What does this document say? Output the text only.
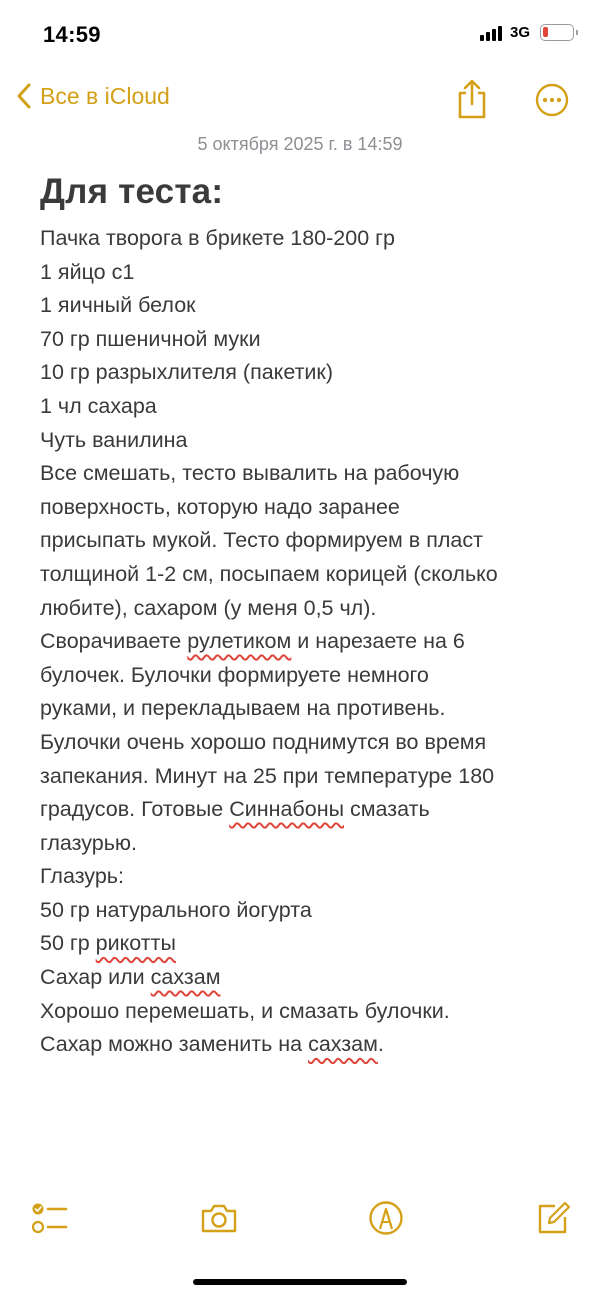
14:59	3G
Все в iCloud
5 октября 2025 г. в 14:59
Для теста:
Пачка творога в брикете 180-200 гр
1 яйцо с1
1 яичный белок
70 гр пшеничной муки
10 гр разрыхлителя (пакетик)
1 чл сахара
Чуть ванилина
Все смешать, тесто вывалить на рабочую
поверхность, которую надо заранее
присыпать мукой. Тесто формируем в пласт
толщиной 1-2 см, посыпаем корицей (сколько
любите), сахаром (у меня 0,5 чл).
Сворачиваете рулетиком и нарезаете на 6
булочек. Булочки формируете немного
руками, и перекладываем на противень.
Булочки очень хорошо поднимутся во время
запекания. Минут на 25 при температуре 180
градусов. Готовые Синнабоны смазать
глазурью.
Глазурь:
50 гр натурального йогурта
50 гр рикотты
Сахар или сахзам
Хорошо перемешать, и смазать булочки.
Сахар можно заменить на сахзам.
